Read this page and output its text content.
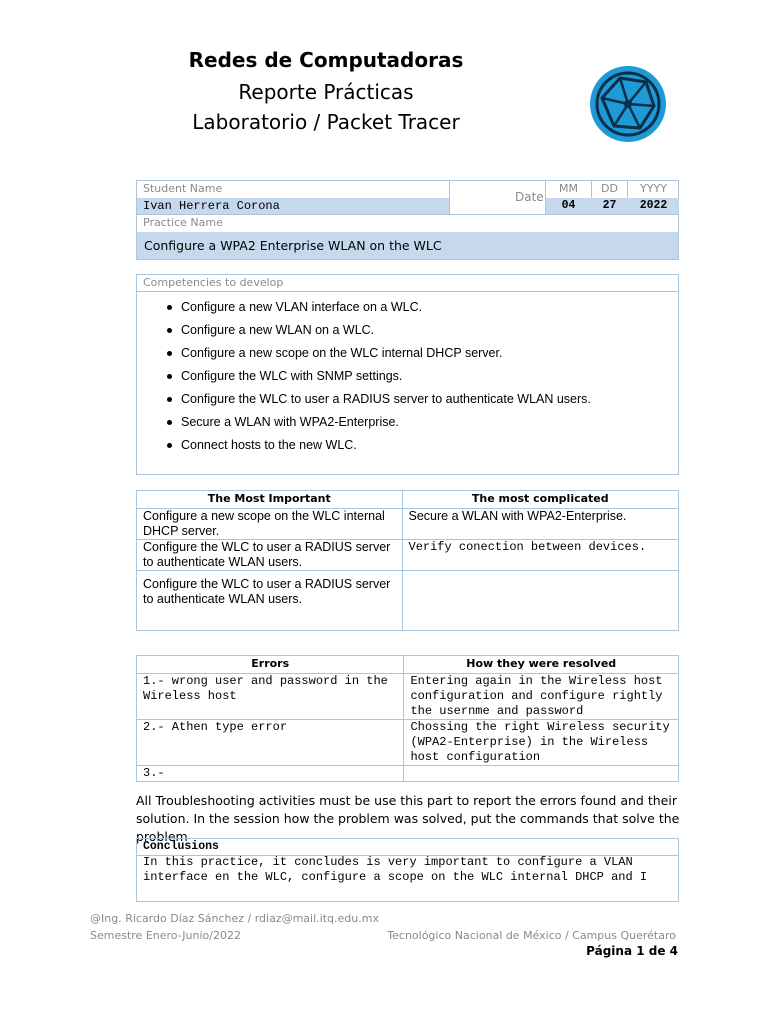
Redes de Computadoras
Reporte Prácticas
Laboratorio / Packet Tracer
Student Name
Ivan Herrera Corona
Date
MM	DD	YYYY
04	27	2022
Practice Name
Configure a WPA2 Enterprise WLAN on the WLC
Competencies to develop
Configure a new VLAN interface on a WLC.
Configure a new WLAN on a WLC.
Configure a new scope on the WLC internal DHCP server.
Configure the WLC with SNMP settings.
Configure the WLC to user a RADIUS server to authenticate WLAN users.
Secure a WLAN with WPA2-Enterprise.
Connect hosts to the new WLC.
The Most Important	The most complicated
Configure a new scope on the WLC internal DHCP server.	Secure a WLAN with WPA2-Enterprise.
Configure the WLC to user a RADIUS server to authenticate WLAN users.	Verify conection between devices.
Configure the WLC to user a RADIUS server to authenticate WLAN users.	
Errors	How they were resolved
1.- wrong user and password in the Wireless host	Entering again in the Wireless host configuration and configure rightly the usernme and password
2.- Athen type error	Chossing the right Wireless security (WPA2-Enterprise) in the Wireless host configuration
3.-	
All Troubleshooting activities must be use this part to report the errors found and their solution. In the session how the problem was solved, put the commands that solve the problem
Conclusions
In this practice, it concludes is very important to configure a VLAN interface en the WLC, configure a scope on the WLC internal DHCP and I
@Ing. Ricardo Díaz Sánchez / rdiaz@mail.itq.edu.mx
Semestre Enero-Junio/2022	Tecnológico Nacional de México / Campus Querétaro
Página 1 de 4
